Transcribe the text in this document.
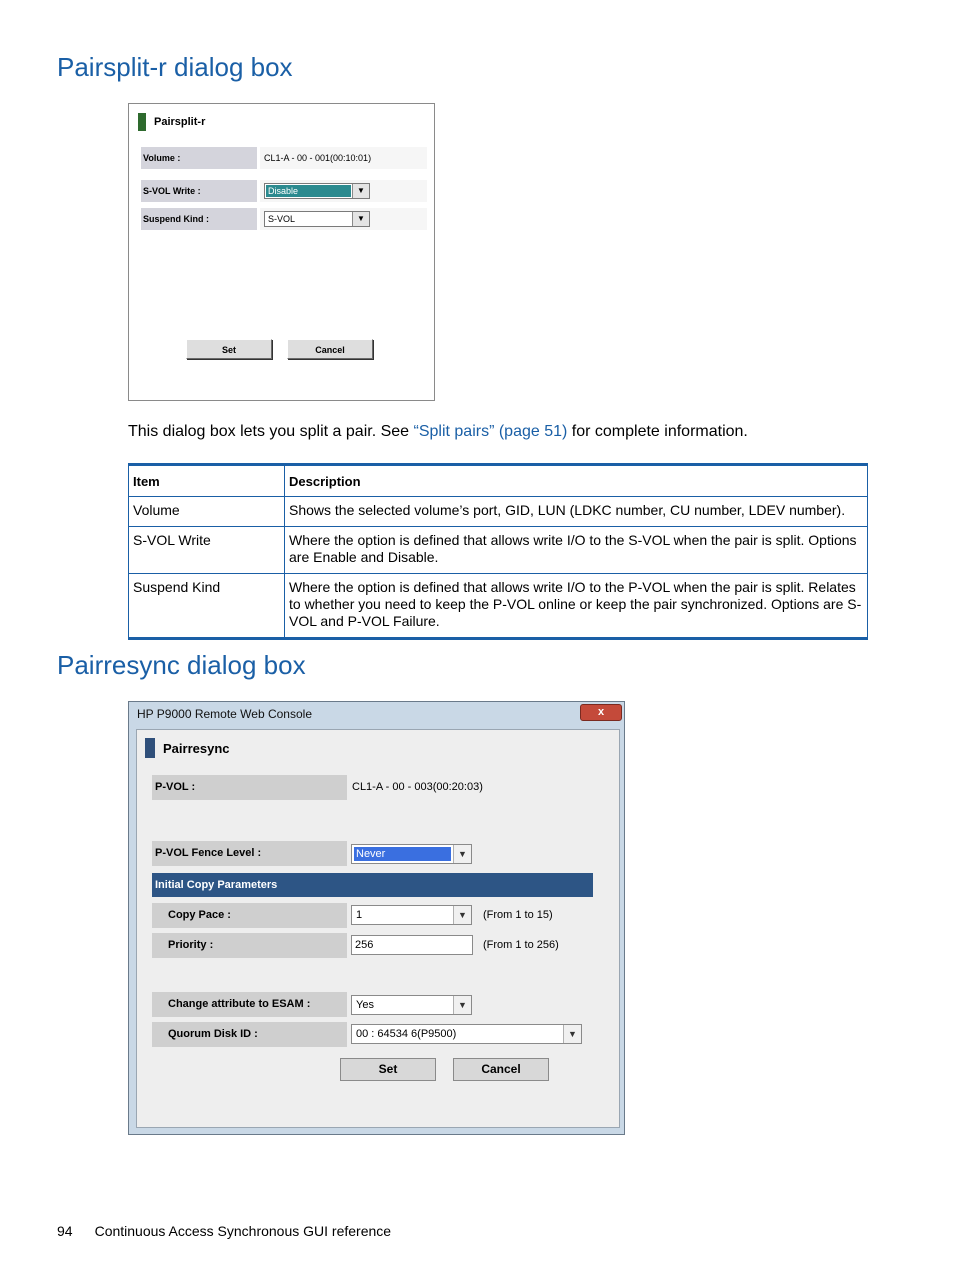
Pairsplit-r dialog box
Pairsplit-r
Volume :	CL1-A - 00 - 001(00:10:01)
S-VOL Write :	Disable	▼
Suspend Kind :	S-VOL	▼
Set	Cancel

This dialog box lets you split a pair. See “Split pairs” (page 51) for complete information.

Item	Description
Volume	Shows the selected volume’s port, GID, LUN (LDKC number, CU number, LDEV number).
S-VOL Write	Where the option is defined that allows write I/O to the S-VOL when the pair is split. Options are Enable and Disable.
Suspend Kind	Where the option is defined that allows write I/O to the P-VOL when the pair is split. Relates to whether you need to keep the P-VOL online or keep the pair synchronized. Options are S-VOL and P-VOL Failure.
Pairresync dialog box
HP P9000 Remote Web Console	x
Pairresync
P-VOL :	CL1-A - 00 - 003(00:20:03)
P-VOL Fence Level :	Never	▼
Initial Copy Parameters
Copy Pace :	1	▼	(From 1 to 15)
Priority :	256	(From 1 to 256)
Change attribute to ESAM :	Yes	▼
Quorum Disk ID :	00 : 64534 6(P9500)	▼
Set	Cancel
94 Continuous Access Synchronous GUI reference
